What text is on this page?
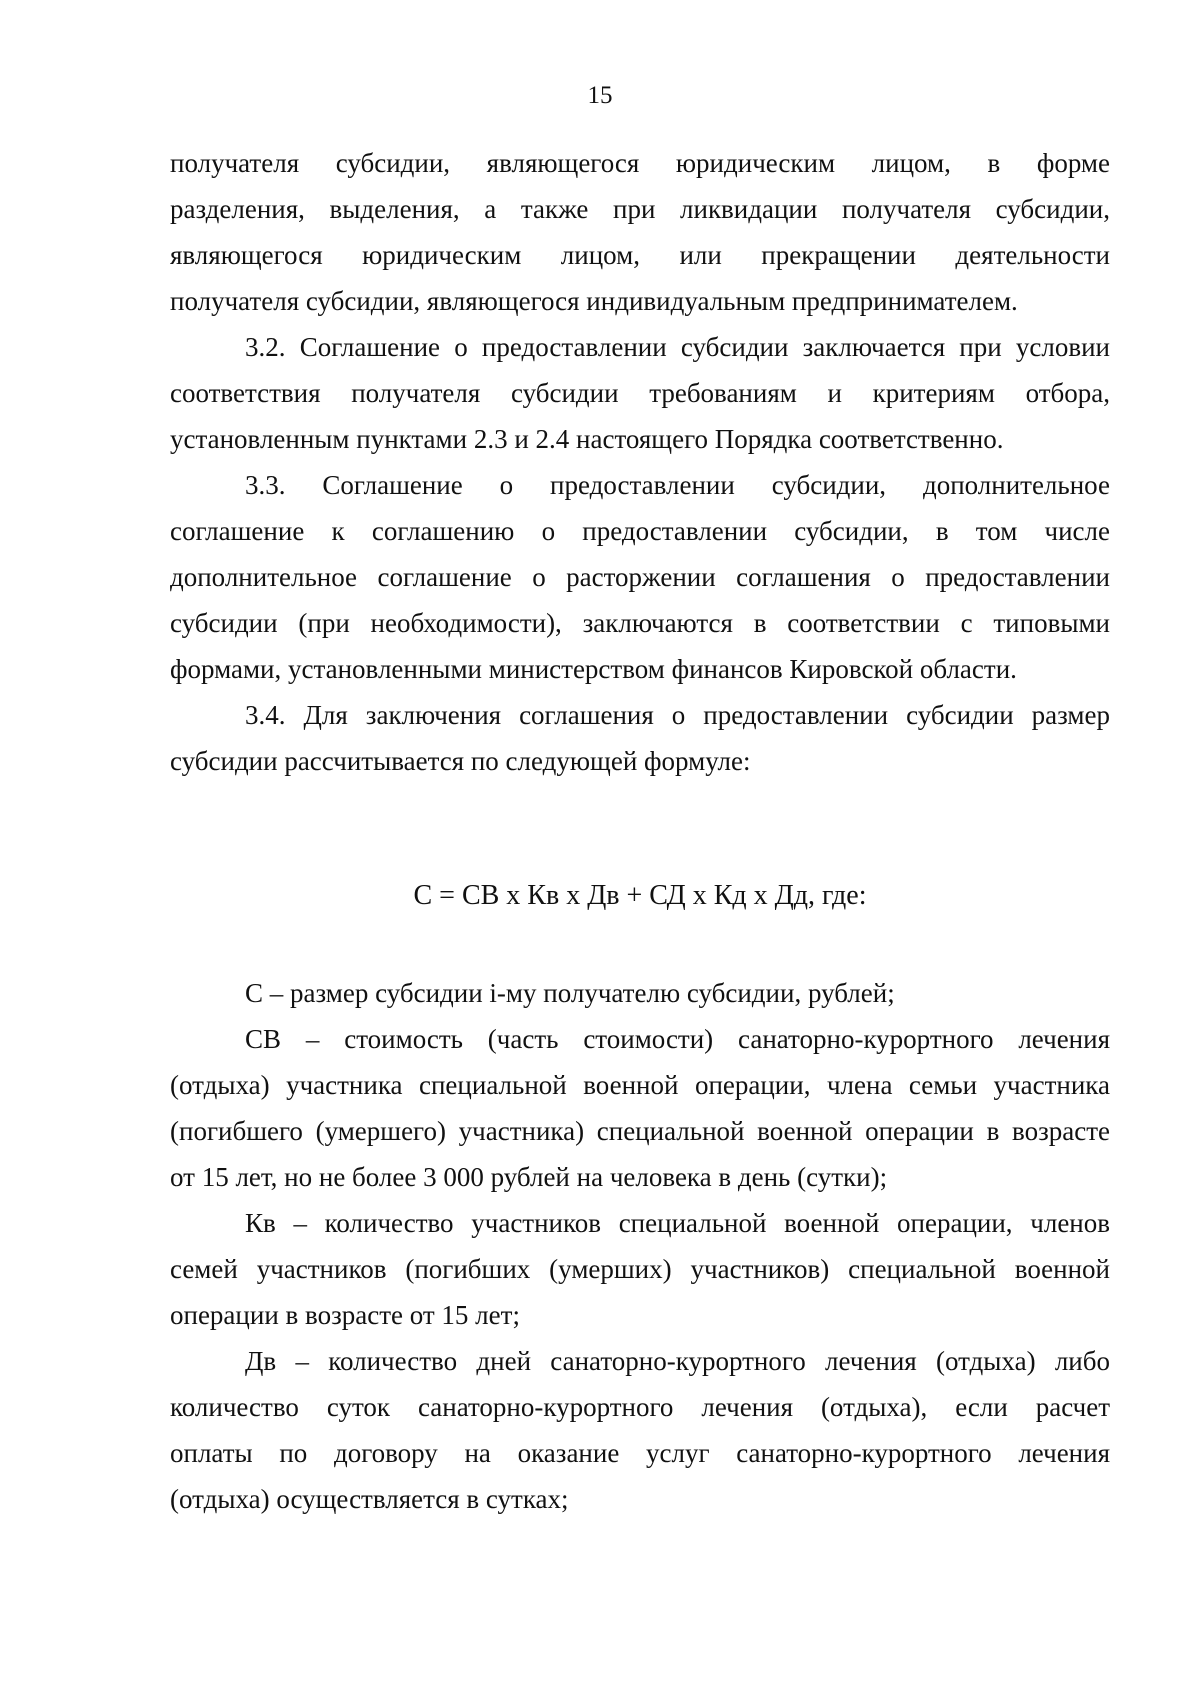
15

получателя субсидии, являющегося юридическим лицом, в форме

разделения, выделения, а также при ликвидации получателя субсидии,

являющегося юридическим лицом, или прекращении деятельности

получателя субсидии, являющегося индивидуальным предпринимателем.

3.2. Соглашение о предоставлении субсидии заключается при условии

соответствия получателя субсидии требованиям и критериям отбора,

установленным пунктами 2.3 и 2.4 настоящего Порядка соответственно.

3.3. Соглашение о предоставлении субсидии, дополнительное

соглашение к соглашению о предоставлении субсидии, в том числе

дополнительное соглашение о расторжении соглашения о предоставлении

субсидии (при необходимости), заключаются в соответствии с типовыми

формами, установленными министерством финансов Кировской области.

3.4. Для заключения соглашения о предоставлении субсидии размер

субсидии рассчитывается по следующей формуле:

С = СВ х Кв х Дв + СД х Кд х Дд, где:

С – размер субсидии i-му получателю субсидии, рублей;

СВ – стоимость (часть стоимости) санаторно-курортного лечения

(отдыха) участника специальной военной операции, члена семьи участника

(погибшего (умершего) участника) специальной военной операции в возрасте

от 15 лет, но не более 3 000 рублей на человека в день (сутки);

Кв – количество участников специальной военной операции, членов

семей участников (погибших (умерших) участников) специальной военной

операции в возрасте от 15 лет;

Дв – количество дней санаторно-курортного лечения (отдыха) либо

количество суток санаторно-курортного лечения (отдыха), если расчет

оплаты по договору на оказание услуг санаторно-курортного лечения

(отдыха) осуществляется в сутках;
